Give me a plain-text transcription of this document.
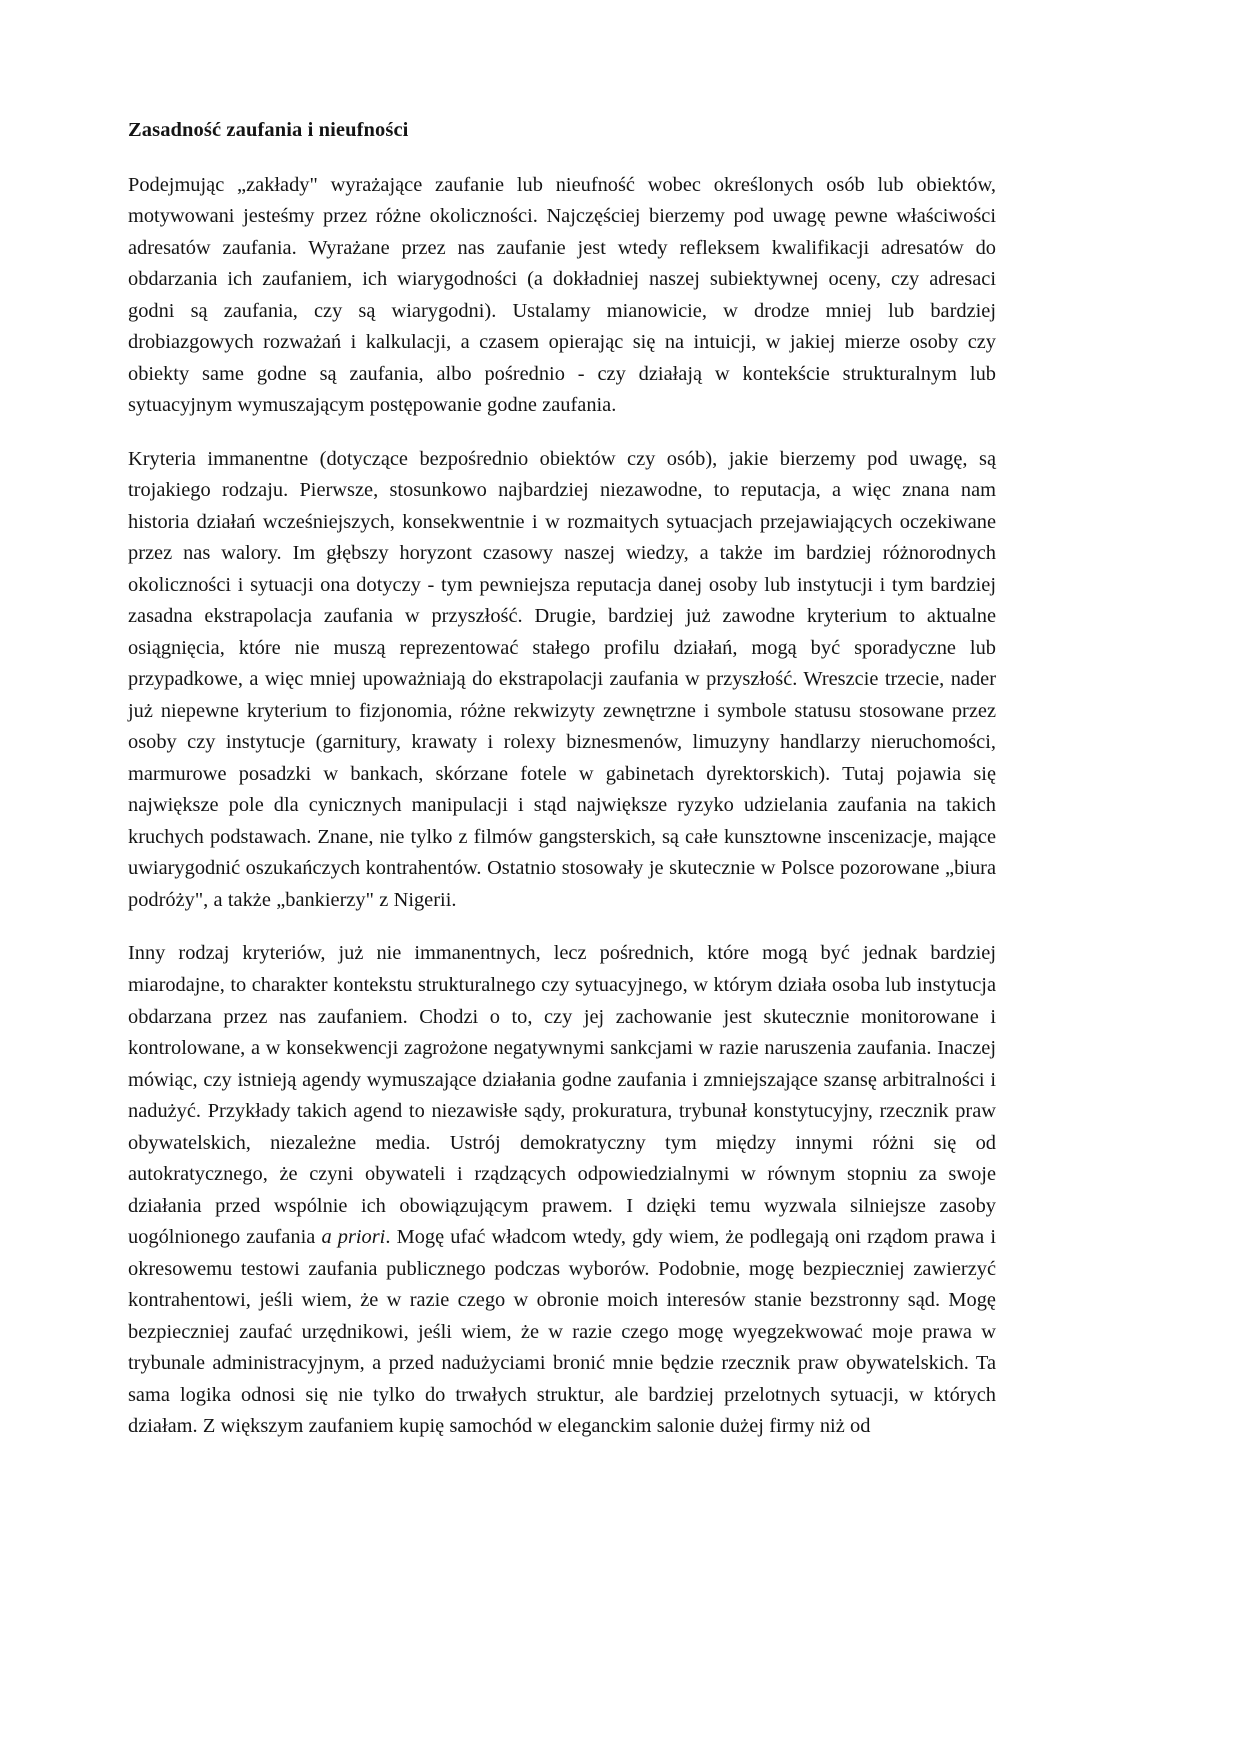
Zasadność zaufania i nieufności

Podejmując „zakłady" wyrażające zaufanie lub nieufność wobec określonych osób lub obiektów, motywowani jesteśmy przez różne okoliczności. Najczęściej bierzemy pod uwagę pewne właściwości adresatów zaufania. Wyrażane przez nas zaufanie jest wtedy refleksem kwalifikacji adresatów do obdarzania ich zaufaniem, ich wiarygodności (a dokładniej naszej subiektywnej oceny, czy adresaci godni są zaufania, czy są wiarygodni). Ustalamy mianowicie, w drodze mniej lub bardziej drobiazgowych rozważań i kalkulacji, a czasem opierając się na intuicji, w jakiej mierze osoby czy obiekty same godne są zaufania, albo pośrednio - czy działają w kontekście strukturalnym lub sytuacyjnym wymuszającym postępowanie godne zaufania.

Kryteria immanentne (dotyczące bezpośrednio obiektów czy osób), jakie bierzemy pod uwagę, są trojakiego rodzaju. Pierwsze, stosunkowo najbardziej niezawodne, to reputacja, a więc znana nam historia działań wcześniejszych, konsekwentnie i w rozmaitych sytuacjach przejawiających oczekiwane przez nas walory. Im głębszy horyzont czasowy naszej wiedzy, a także im bardziej różnorodnych okoliczności i sytuacji ona dotyczy - tym pewniejsza reputacja danej osoby lub instytucji i tym bardziej zasadna ekstrapolacja zaufania w przyszłość. Drugie, bardziej już zawodne kryterium to aktualne osiągnięcia, które nie muszą reprezentować stałego profilu działań, mogą być sporadyczne lub przypadkowe, a więc mniej upoważniają do ekstrapolacji zaufania w przyszłość. Wreszcie trzecie, nader już niepewne kryterium to fizjonomia, różne rekwizyty zewnętrzne i symbole statusu stosowane przez osoby czy instytucje (garnitury, krawaty i rolexy biznesmenów, limuzyny handlarzy nieruchomości, marmurowe posadzki w bankach, skórzane fotele w gabinetach dyrektorskich). Tutaj pojawia się największe pole dla cynicznych manipulacji i stąd największe ryzyko udzielania zaufania na takich kruchych podstawach. Znane, nie tylko z filmów gangsterskich, są całe kunsztowne inscenizacje, mające uwiarygodnić oszukańczych kontrahentów. Ostatnio stosowały je skutecznie w Polsce pozorowane „biura podróży", a także „bankierzy" z Nigerii.

Inny rodzaj kryteriów, już nie immanentnych, lecz pośrednich, które mogą być jednak bardziej miarodajne, to charakter kontekstu strukturalnego czy sytuacyjnego, w którym działa osoba lub instytucja obdarzana przez nas zaufaniem. Chodzi o to, czy jej zachowanie jest skutecznie monitorowane i kontrolowane, a w konsekwencji zagrożone negatywnymi sankcjami w razie naruszenia zaufania. Inaczej mówiąc, czy istnieją agendy wymuszające działania godne zaufania i zmniejszające szansę arbitralności i nadużyć. Przykłady takich agend to niezawisłe sądy, prokuratura, trybunał konstytucyjny, rzecznik praw obywatelskich, niezależne media. Ustrój demokratyczny tym między innymi różni się od autokratycznego, że czyni obywateli i rządzących odpowiedzialnymi w równym stopniu za swoje działania przed wspólnie ich obowiązującym prawem. I dzięki temu wyzwala silniejsze zasoby uogólnionego zaufania a priori. Mogę ufać władcom wtedy, gdy wiem, że podlegają oni rządom prawa i okresowemu testowi zaufania publicznego podczas wyborów. Podobnie, mogę bezpieczniej zawierzyć kontrahentowi, jeśli wiem, że w razie czego w obronie moich interesów stanie bezstronny sąd. Mogę bezpieczniej zaufać urzędnikowi, jeśli wiem, że w razie czego mogę wyegzekwować moje prawa w trybunale administracyjnym, a przed nadużyciami bronić mnie będzie rzecznik praw obywatelskich. Ta sama logika odnosi się nie tylko do trwałych struktur, ale bardziej przelotnych sytuacji, w których działam. Z większym zaufaniem kupię samochód w eleganckim salonie dużej firmy niż od
